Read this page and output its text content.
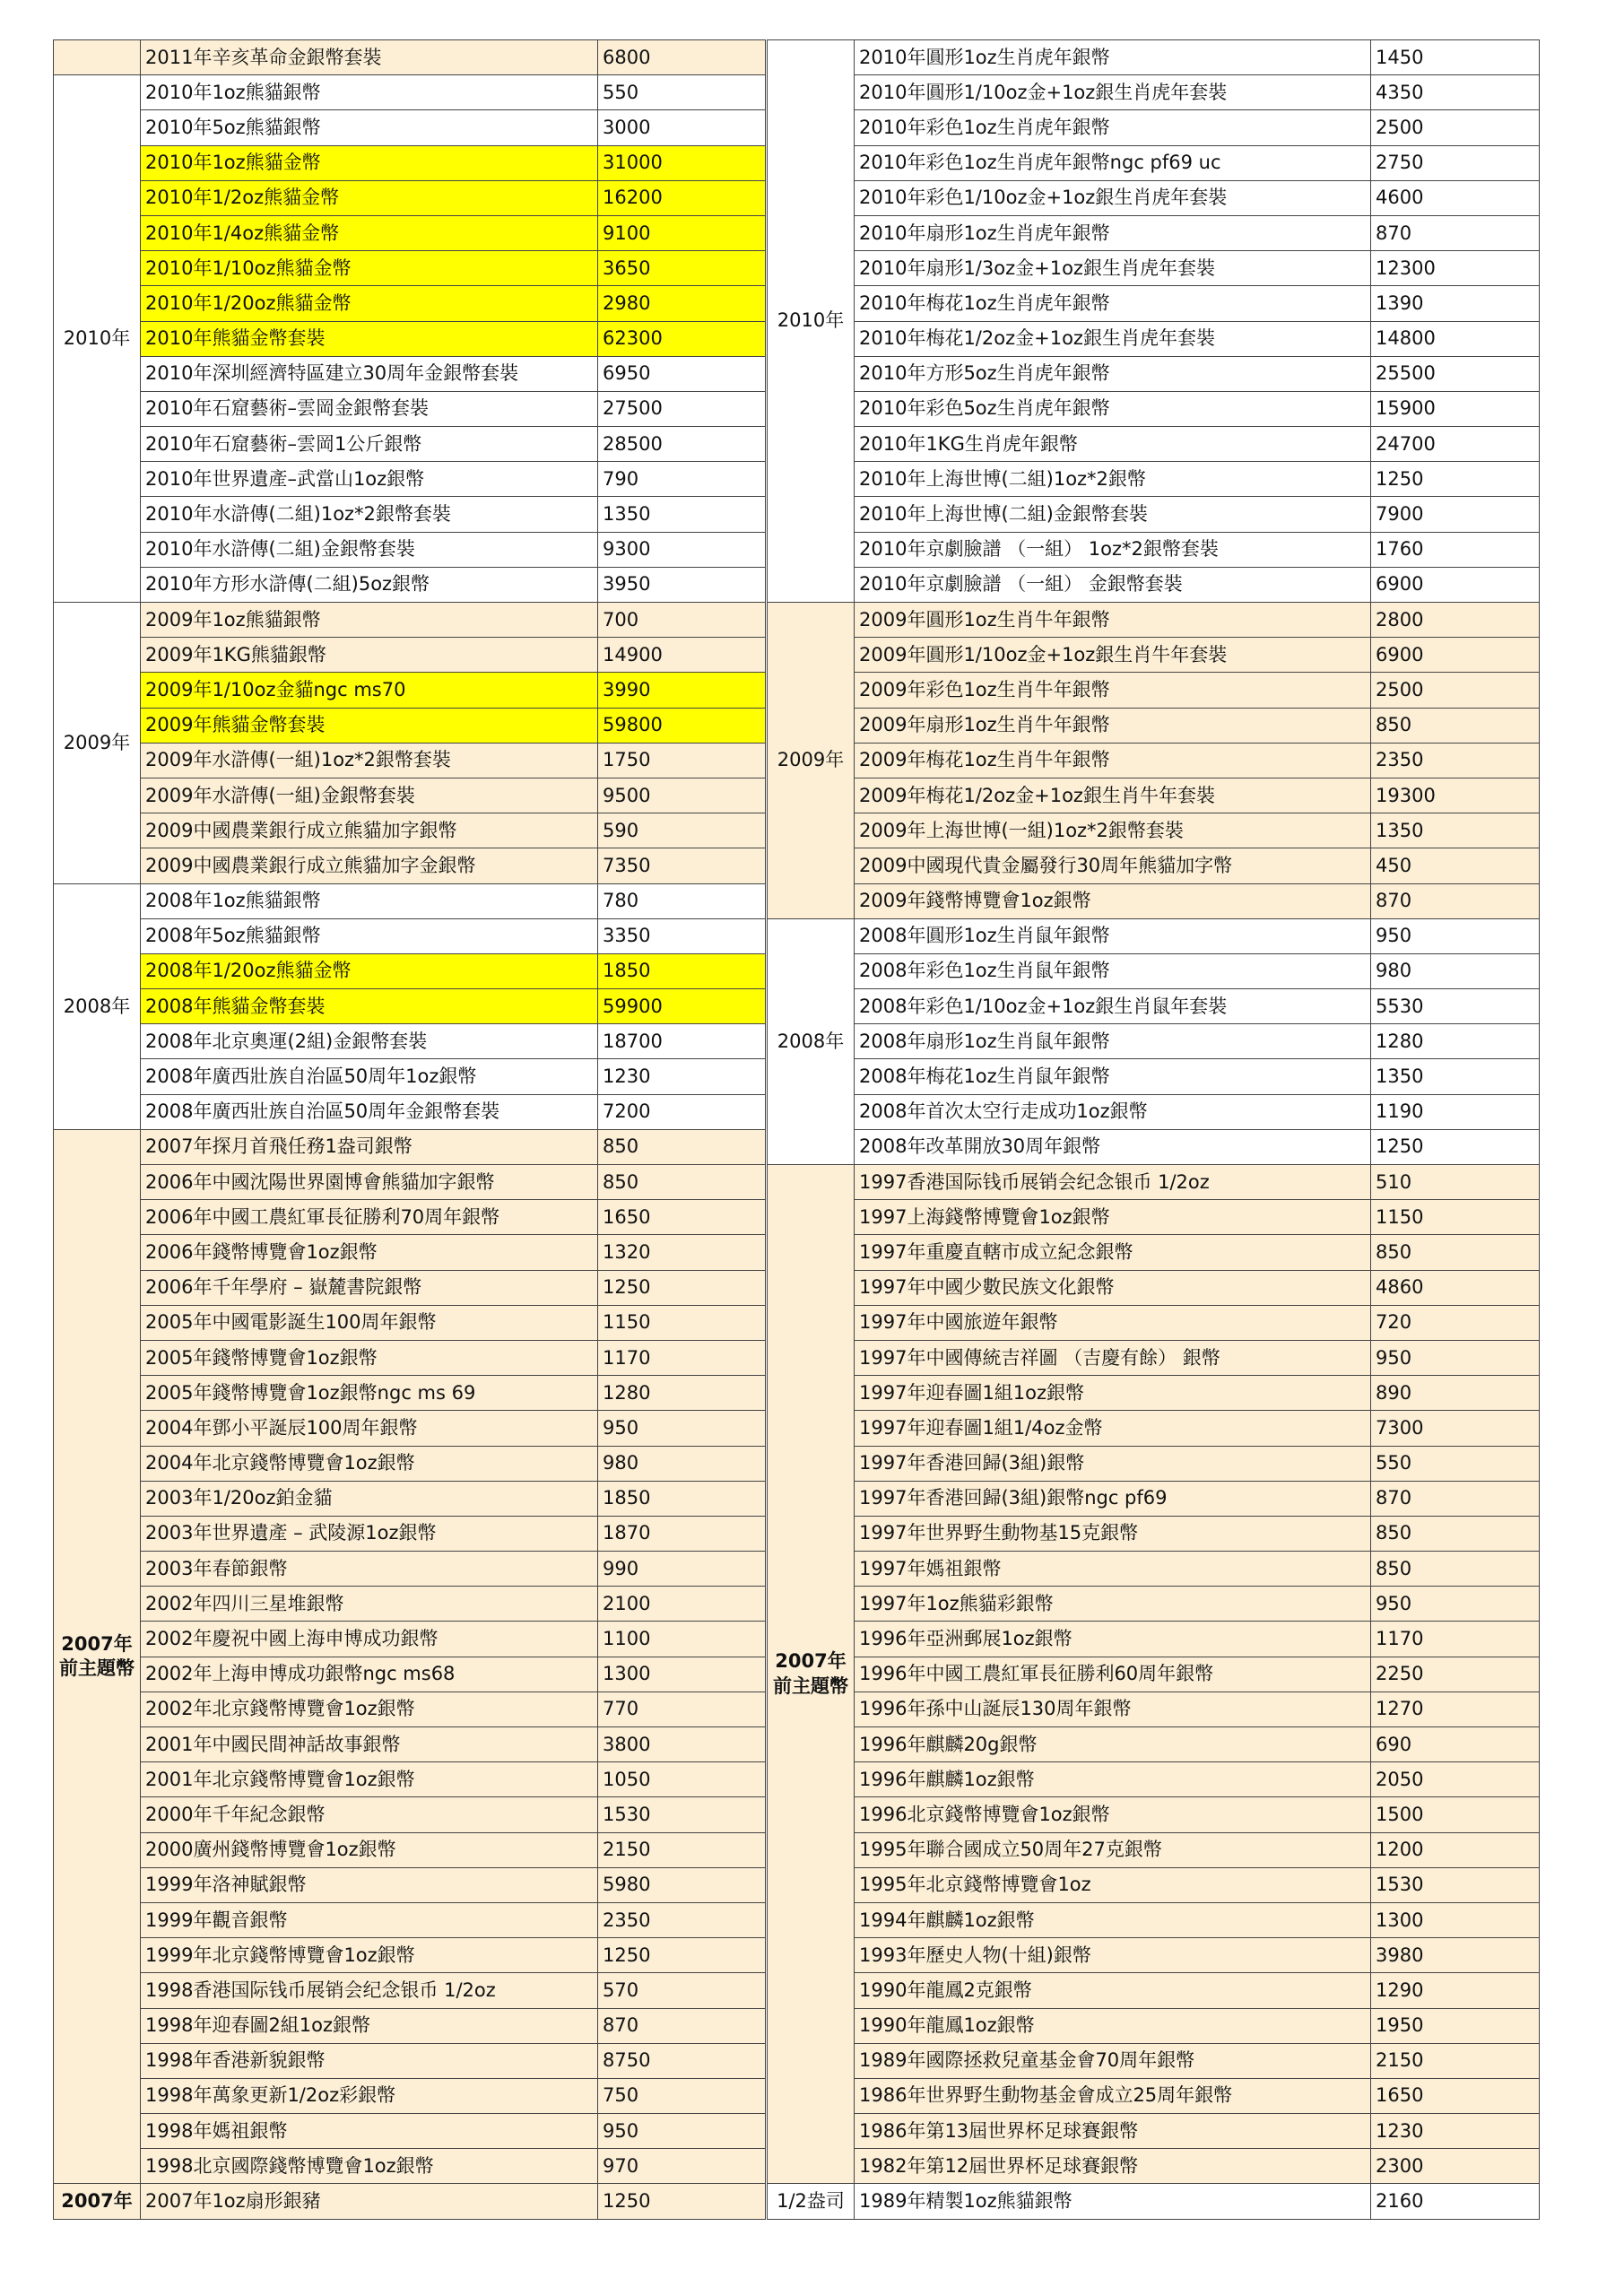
	2011年辛亥革命金銀幣套裝	6800
2010年	2010年1oz熊貓銀幣	550
	2010年5oz熊貓銀幣	3000
	2010年1oz熊貓金幣	31000
	2010年1/2oz熊貓金幣	16200
	2010年1/4oz熊貓金幣	9100
	2010年1/10oz熊貓金幣	3650
	2010年1/20oz熊貓金幣	2980
	2010年熊貓金幣套裝	62300
	2010年深圳經濟特區建立30周年金銀幣套裝	6950
	2010年石窟藝術–雲岡金銀幣套裝	27500
	2010年石窟藝術–雲岡1公斤銀幣	28500
	2010年世界遺產–武當山1oz銀幣	790
	2010年水滸傳(二組)1oz*2銀幣套裝	1350
	2010年水滸傳(二組)金銀幣套裝	9300
	2010年方形水滸傳(二組)5oz銀幣	3950
2009年	2009年1oz熊貓銀幣	700
	2009年1KG熊貓銀幣	14900
	2009年1/10oz金貓ngc ms70	3990
	2009年熊貓金幣套裝	59800
	2009年水滸傳(一組)1oz*2銀幣套裝	1750
	2009年水滸傳(一組)金銀幣套裝	9500
	2009中國農業銀行成立熊貓加字銀幣	590
	2009中國農業銀行成立熊貓加字金銀幣	7350
2008年	2008年1oz熊貓銀幣	780
	2008年5oz熊貓銀幣	3350
	2008年1/20oz熊貓金幣	1850
	2008年熊貓金幣套裝	59900
	2008年北京奧運(2組)金銀幣套裝	18700
	2008年廣西壯族自治區50周年1oz銀幣	1230
	2008年廣西壯族自治區50周年金銀幣套裝	7200
2007年
前主題幣	2007年探月首飛任務1盎司銀幣	850
	2006年中國沈陽世界園博會熊貓加字銀幣	850
	2006年中國工農紅軍長征勝利70周年銀幣	1650
	2006年錢幣博覽會1oz銀幣	1320
	2006年千年學府 – 嶽麓書院銀幣	1250
	2005年中國電影誕生100周年銀幣	1150
	2005年錢幣博覽會1oz銀幣	1170
	2005年錢幣博覽會1oz銀幣ngc ms 69	1280
	2004年鄧小平誕辰100周年銀幣	950
	2004年北京錢幣博覽會1oz銀幣	980
	2003年1/20oz鉑金貓	1850
	2003年世界遺產 – 武陵源1oz銀幣	1870
	2003年春節銀幣	990
	2002年四川三星堆銀幣	2100
	2002年慶祝中國上海申博成功銀幣	1100
	2002年上海申博成功銀幣ngc ms68	1300
	2002年北京錢幣博覽會1oz銀幣	770
	2001年中國民間神話故事銀幣	3800
	2001年北京錢幣博覽會1oz銀幣	1050
	2000年千年紀念銀幣	1530
	2000廣州錢幣博覽會1oz銀幣	2150
	1999年洛神賦銀幣	5980
	1999年觀音銀幣	2350
	1999年北京錢幣博覽會1oz銀幣	1250
	1998香港国际钱币展销会纪念银币 1/2oz	570
	1998年迎春圖2組1oz銀幣	870
	1998年香港新貌銀幣	8750
	1998年萬象更新1/2oz彩銀幣	750
	1998年媽祖銀幣	950
	1998北京國際錢幣博覽會1oz銀幣	970
2007年	2007年1oz扇形銀豬	1250
2010年	2010年圓形1oz生肖虎年銀幣	1450
	2010年圓形1/10oz金+1oz銀生肖虎年套裝	4350
	2010年彩色1oz生肖虎年銀幣	2500
	2010年彩色1oz生肖虎年銀幣ngc pf69 uc	2750
	2010年彩色1/10oz金+1oz銀生肖虎年套裝	4600
	2010年扇形1oz生肖虎年銀幣	870
	2010年扇形1/3oz金+1oz銀生肖虎年套裝	12300
	2010年梅花1oz生肖虎年銀幣	1390
	2010年梅花1/2oz金+1oz銀生肖虎年套裝	14800
	2010年方形5oz生肖虎年銀幣	25500
	2010年彩色5oz生肖虎年銀幣	15900
	2010年1KG生肖虎年銀幣	24700
	2010年上海世博(二組)1oz*2銀幣	1250
	2010年上海世博(二組)金銀幣套裝	7900
	2010年京劇臉譜 （一組） 1oz*2銀幣套裝	1760
	2010年京劇臉譜 （一組） 金銀幣套裝	6900
2009年	2009年圓形1oz生肖牛年銀幣	2800
	2009年圓形1/10oz金+1oz銀生肖牛年套裝	6900
	2009年彩色1oz生肖牛年銀幣	2500
	2009年扇形1oz生肖牛年銀幣	850
	2009年梅花1oz生肖牛年銀幣	2350
	2009年梅花1/2oz金+1oz銀生肖牛年套裝	19300
	2009年上海世博(一組)1oz*2銀幣套裝	1350
	2009中國現代貴金屬發行30周年熊貓加字幣	450
	2009年錢幣博覽會1oz銀幣	870
2008年	2008年圓形1oz生肖鼠年銀幣	950
	2008年彩色1oz生肖鼠年銀幣	980
	2008年彩色1/10oz金+1oz銀生肖鼠年套裝	5530
	2008年扇形1oz生肖鼠年銀幣	1280
	2008年梅花1oz生肖鼠年銀幣	1350
	2008年首次太空行走成功1oz銀幣	1190
	2008年改革開放30周年銀幣	1250
2007年
前主題幣	1997香港国际钱币展销会纪念银币 1/2oz	510
	1997上海錢幣博覽會1oz銀幣	1150
	1997年重慶直轄市成立紀念銀幣	850
	1997年中國少數民族文化銀幣	4860
	1997年中國旅遊年銀幣	720
	1997年中國傳統吉祥圖 （吉慶有餘） 銀幣	950
	1997年迎春圖1組1oz銀幣	890
	1997年迎春圖1組1/4oz金幣	7300
	1997年香港回歸(3組)銀幣	550
	1997年香港回歸(3組)銀幣ngc pf69	870
	1997年世界野生動物基15克銀幣	850
	1997年媽祖銀幣	850
	1997年1oz熊貓彩銀幣	950
	1996年亞洲郵展1oz銀幣	1170
	1996年中國工農紅軍長征勝利60周年銀幣	2250
	1996年孫中山誕辰130周年銀幣	1270
	1996年麒麟20g銀幣	690
	1996年麒麟1oz銀幣	2050
	1996北京錢幣博覽會1oz銀幣	1500
	1995年聯合國成立50周年27克銀幣	1200
	1995年北京錢幣博覽會1oz	1530
	1994年麒麟1oz銀幣	1300
	1993年歷史人物(十組)銀幣	3980
	1990年龍鳳2克銀幣	1290
	1990年龍鳳1oz銀幣	1950
	1989年國際拯救兒童基金會70周年銀幣	2150
	1986年世界野生動物基金會成立25周年銀幣	1650
	1986年第13屆世界杯足球賽銀幣	1230
	1982年第12屆世界杯足球賽銀幣	2300
1/2盎司	1989年精製1oz熊貓銀幣	2160
